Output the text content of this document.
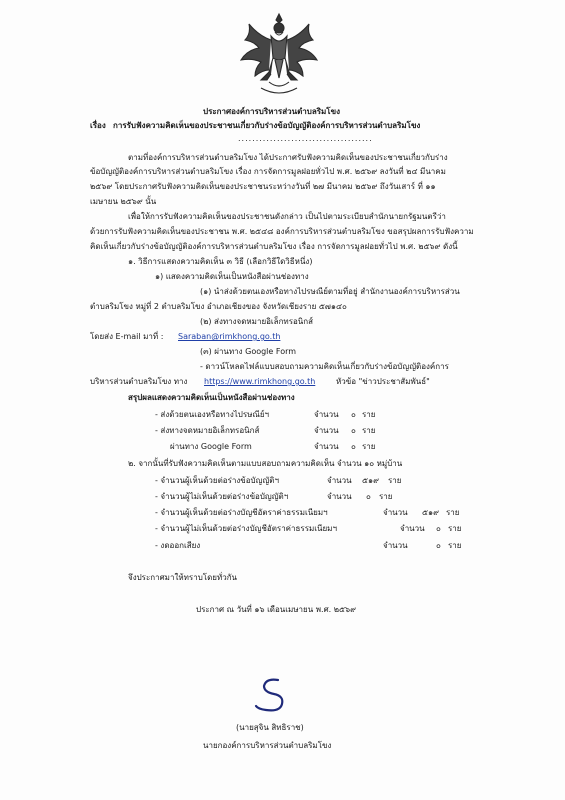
ประกาศองค์การบริหารส่วนตำบลริมโขง
เรื่อง การรับฟังความคิดเห็นของประชาชนเกี่ยวกับร่างข้อบัญญัติองค์การบริหารส่วนตำบลริมโขง
......................................
ตามที่องค์การบริหารส่วนตำบลริมโขง ได้ประกาศรับฟังความคิดเห็นของประชาชนเกี่ยวกับร่าง
ข้อบัญญัติองค์การบริหารส่วนตำบลริมโขง เรื่อง การจัดการมูลฝอยทั่วไป พ.ศ. ๒๕๖๙ ลงวันที่ ๒๔ มีนาคม
๒๕๖๙ โดยประกาศรับฟังความคิดเห็นของประชาชนระหว่างวันที่ ๒๗ มีนาคม ๒๕๖๙ ถึงวันเสาร์ ที่ ๑๑
เมษายน ๒๕๖๙ นั้น
เพื่อให้การรับฟังความคิดเห็นของประชาชนดังกล่าว เป็นไปตามระเบียบสำนักนายกรัฐมนตรีว่า
ด้วยการรับฟังความคิดเห็นของประชาชน พ.ศ. ๒๕๔๘ องค์การบริหารส่วนตำบลริมโขง ขอสรุปผลการรับฟังความ
คิดเห็นเกี่ยวกับร่างข้อบัญญัติองค์การบริหารส่วนตำบลริมโขง เรื่อง การจัดการมูลฝอยทั่วไป พ.ศ. ๒๕๖๙ ดังนี้
๑. วิธีการแสดงความคิดเห็น ๓ วิธี (เลือกวิธีใดวิธีหนึ่ง)
๑) แสดงความคิดเห็นเป็นหนังสือผ่านช่องทาง
(๑) นำส่งด้วยตนเองหรือทางไปรษณีย์ตามที่อยู่ สำนักงานองค์การบริหารส่วน
ตำบลริมโขง หมู่ที่ 2 ตำบลริมโขง อำเภอเชียงของ จังหวัดเชียงราย ๕๗๑๔๐
(๒) ส่งทางจดหมายอิเล็กทรอนิกส์
โดยส่ง E-mail มาที่ : Saraban@rimkhong.go.th
(๓) ผ่านทาง Google Form
- ดาวน์โหลดไฟล์แบบสอบถามความคิดเห็นเกี่ยวกับร่างข้อบัญญัติองค์การ
บริหารส่วนตำบลริมโขง ทาง https://www.rimkhong.go.th	หัวข้อ "ข่าวประชาสัมพันธ์"
สรุปผลแสดงความคิดเห็นเป็นหนังสือผ่านช่องทาง
- ส่งด้วยตนเองหรือทางไปรษณีย์ฯ	จำนวน ๐ ราย
- ส่งทางจดหมายอิเล็กทรอนิกส์	จำนวน ๐ ราย
ผ่านทาง Google Form	จำนวน ๐ ราย
๒. จากนั้นที่รับฟังความคิดเห็นตามแบบสอบถามความคิดเห็น จำนวน ๑๐ หมู่บ้าน
- จำนวนผู้เห็นด้วยต่อร่างข้อบัญญัติฯ	จำนวน ๕๑๙ ราย
- จำนวนผู้ไม่เห็นด้วยต่อร่างข้อบัญญัติฯ	จำนวน ๐ ราย
- จำนวนผู้เห็นด้วยต่อร่างบัญชีอัตราค่าธรรมเนียมฯ	จำนวน ๕๑๙ ราย
- จำนวนผู้ไม่เห็นด้วยต่อร่างบัญชีอัตราค่าธรรมเนียมฯ	จำนวน ๐ ราย
- งดออกเสียง	จำนวน	๐ ราย
จึงประกาศมาให้ทราบโดยทั่วกัน
ประกาศ ณ วันที่ ๑๖ เดือนเมษายน พ.ศ. ๒๕๖๙
(นายสุจิน สิทธิราช)
นายกองค์การบริหารส่วนตำบลริมโขง
